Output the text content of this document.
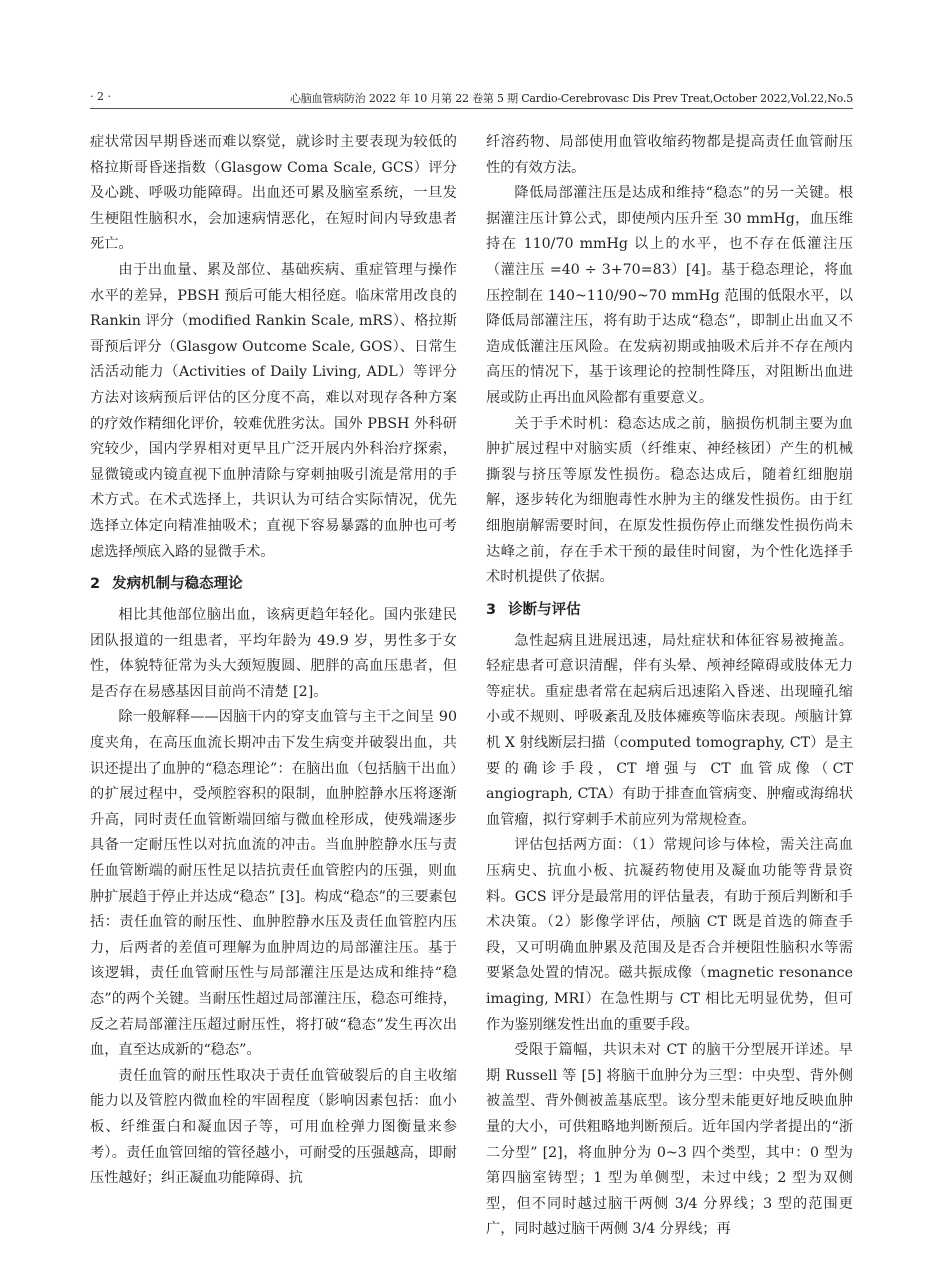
· 2 ·	心脑血管病防治 2022 年 10 月第 22 卷第 5 期 Cardio-Cerebrovasc Dis Prev Treat,October 2022,Vol.22,No.5

症状常因早期昏迷而难以察觉，就诊时主要表现为较低的格拉斯哥昏迷指数（Glasgow Coma Scale, GCS）评分及心跳、呼吸功能障碍。出血还可累及脑室系统，一旦发生梗阻性脑积水，会加速病情恶化，在短时间内导致患者死亡。

由于出血量、累及部位、基础疾病、重症管理与操作水平的差异，PBSH 预后可能大相径庭。临床常用改良的 Rankin 评分（modified Rankin Scale, mRS）、格拉斯哥预后评分（Glasgow Outcome Scale, GOS）、日常生活活动能力（Activities of Daily Living, ADL）等评分方法对该病预后评估的区分度不高，难以对现存各种方案的疗效作精细化评价，较难优胜劣汰。国外 PBSH 外科研究较少，国内学界相对更早且广泛开展内外科治疗探索，显微镜或内镜直视下血肿清除与穿刺抽吸引流是常用的手术方式。在术式选择上，共识认为可结合实际情况，优先选择立体定向精准抽吸术；直视下容易暴露的血肿也可考虑选择颅底入路的显微手术。

2 发病机制与稳态理论

相比其他部位脑出血，该病更趋年轻化。国内张建民团队报道的一组患者，平均年龄为 49.9 岁，男性多于女性，体貌特征常为头大颈短腹圆、肥胖的高血压患者，但是否存在易感基因目前尚不清楚 [2]。

除一般解释——因脑干内的穿支血管与主干之间呈 90 度夹角，在高压血流长期冲击下发生病变并破裂出血，共识还提出了血肿的“稳态理论”：在脑出血（包括脑干出血）的扩展过程中，受颅腔容积的限制，血肿腔静水压将逐渐升高，同时责任血管断端回缩与微血栓形成，使残端逐步具备一定耐压性以对抗血流的冲击。当血肿腔静水压与责任血管断端的耐压性足以拮抗责任血管腔内的压强，则血肿扩展趋于停止并达成“稳态” [3]。构成“稳态”的三要素包括：责任血管的耐压性、血肿腔静水压及责任血管腔内压力，后两者的差值可理解为血肿周边的局部灌注压。基于该逻辑，责任血管耐压性与局部灌注压是达成和维持“稳态”的两个关键。当耐压性超过局部灌注压，稳态可维持，反之若局部灌注压超过耐压性，将打破“稳态”发生再次出血，直至达成新的“稳态”。

责任血管的耐压性取决于责任血管破裂后的自主收缩能力以及管腔内微血栓的牢固程度（影响因素包括：血小板、纤维蛋白和凝血因子等，可用血栓弹力图衡量来参考）。责任血管回缩的管径越小，可耐受的压强越高，即耐压性越好；纠正凝血功能障碍、抗

纤溶药物、局部使用血管收缩药物都是提高责任血管耐压性的有效方法。

降低局部灌注压是达成和维持“稳态”的另一关键。根据灌注压计算公式，即使颅内压升至 30 mmHg，血压维持在 110/70 mmHg 以上的水平，也不存在低灌注压（灌注压 =40 ÷ 3+70=83）[4]。基于稳态理论，将血压控制在 140~110/90~70 mmHg 范围的低限水平，以降低局部灌注压，将有助于达成“稳态”，即制止出血又不造成低灌注压风险。在发病初期或抽吸术后并不存在颅内高压的情况下，基于该理论的控制性降压，对阻断出血进展或防止再出血风险都有重要意义。

关于手术时机：稳态达成之前，脑损伤机制主要为血肿扩展过程中对脑实质（纤维束、神经核团）产生的机械撕裂与挤压等原发性损伤。稳态达成后，随着红细胞崩解，逐步转化为细胞毒性水肿为主的继发性损伤。由于红细胞崩解需要时间，在原发性损伤停止而继发性损伤尚未达峰之前，存在手术干预的最佳时间窗，为个性化选择手术时机提供了依据。

3 诊断与评估

急性起病且进展迅速，局灶症状和体征容易被掩盖。轻症患者可意识清醒，伴有头晕、颅神经障碍或肢体无力等症状。重症患者常在起病后迅速陷入昏迷、出现瞳孔缩小或不规则、呼吸紊乱及肢体瘫痪等临床表现。颅脑计算机 X 射线断层扫描（computed tomography, CT）是主要的确诊手段，CT 增强与 CT 血管成像（CT angiograph, CTA）有助于排查血管病变、肿瘤或海绵状血管瘤，拟行穿刺手术前应列为常规检查。

评估包括两方面：（1）常规问诊与体检，需关注高血压病史、抗血小板、抗凝药物使用及凝血功能等背景资料。GCS 评分是最常用的评估量表，有助于预后判断和手术决策。（2）影像学评估，颅脑 CT 既是首选的筛查手段，又可明确血肿累及范围及是否合并梗阻性脑积水等需要紧急处置的情况。磁共振成像（magnetic resonance imaging, MRI）在急性期与 CT 相比无明显优势，但可作为鉴别继发性出血的重要手段。

受限于篇幅，共识未对 CT 的脑干分型展开详述。早期 Russell 等 [5] 将脑干血肿分为三型：中央型、背外侧被盖型、背外侧被盖基底型。该分型未能更好地反映血肿量的大小，可供粗略地判断预后。近年国内学者提出的“浙二分型” [2]，将血肿分为 0~3 四个类型，其中：0 型为第四脑室铸型；1 型为单侧型，未过中线；2 型为双侧型，但不同时越过脑干两侧 3/4 分界线；3 型的范围更广，同时越过脑干两侧 3/4 分界线；再
